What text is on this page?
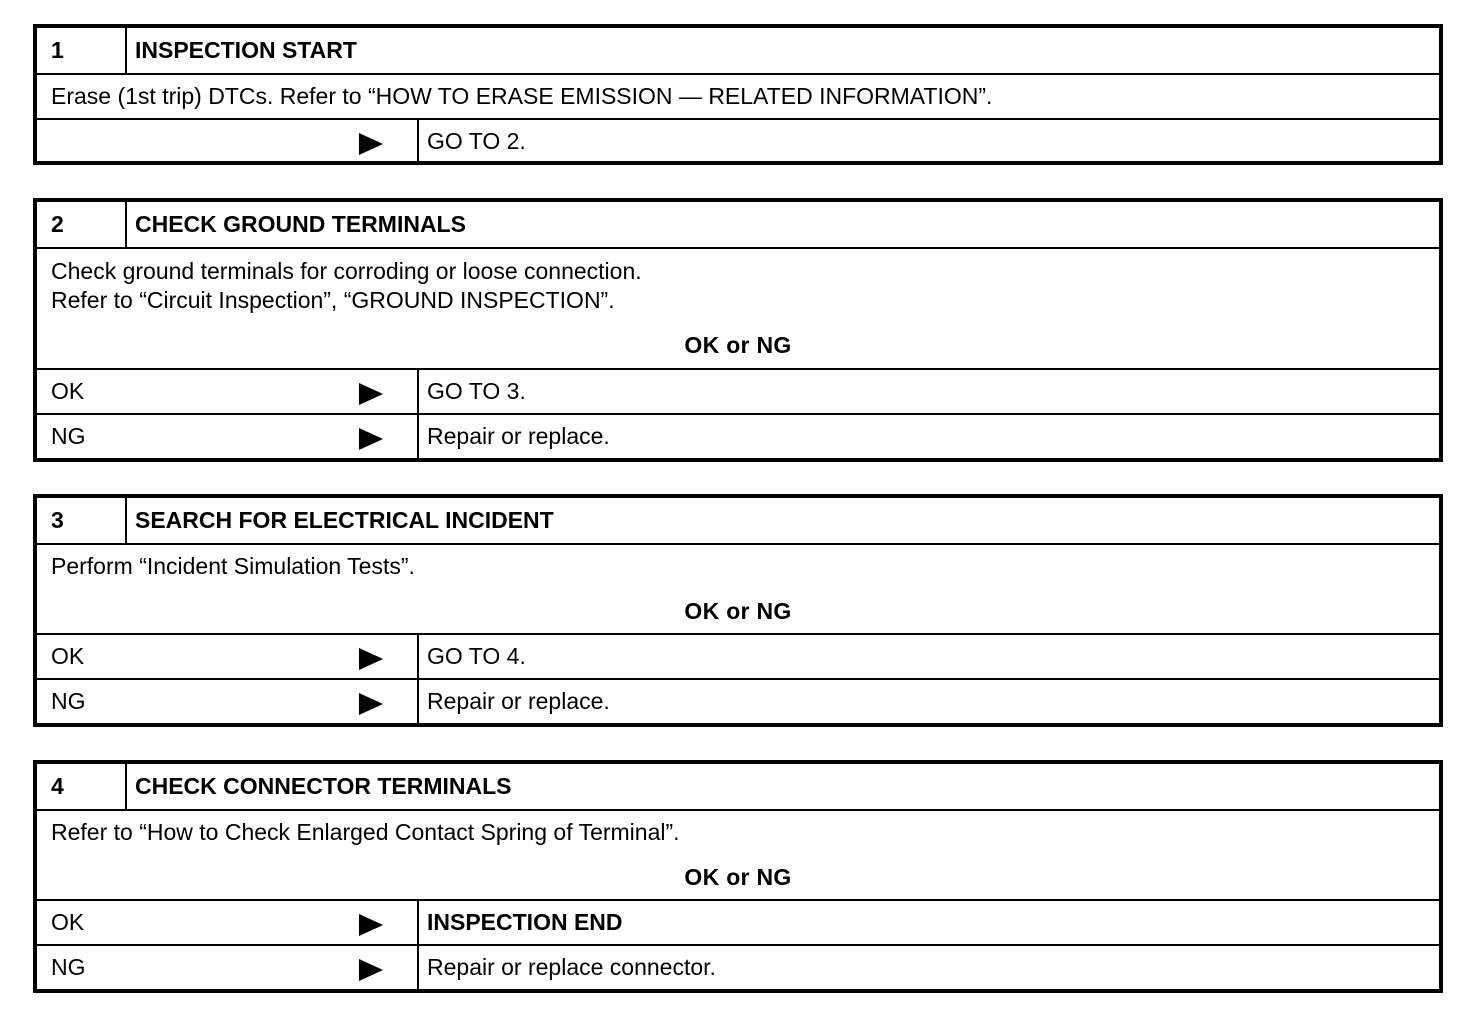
1	INSPECTION START
Erase (1st trip) DTCs. Refer to “HOW TO ERASE EMISSION — RELATED INFORMATION”.
GO TO 2.
2	CHECK GROUND TERMINALS
Check ground terminals for corroding or loose connection.
Refer to “Circuit Inspection”, “GROUND INSPECTION”.
OK or NG
OK	GO TO 3.
NG	Repair or replace.
3	SEARCH FOR ELECTRICAL INCIDENT
Perform “Incident Simulation Tests”.
OK or NG
OK	GO TO 4.
NG	Repair or replace.
4	CHECK CONNECTOR TERMINALS
Refer to “How to Check Enlarged Contact Spring of Terminal”.
OK or NG
OK	INSPECTION END
NG	Repair or replace connector.
